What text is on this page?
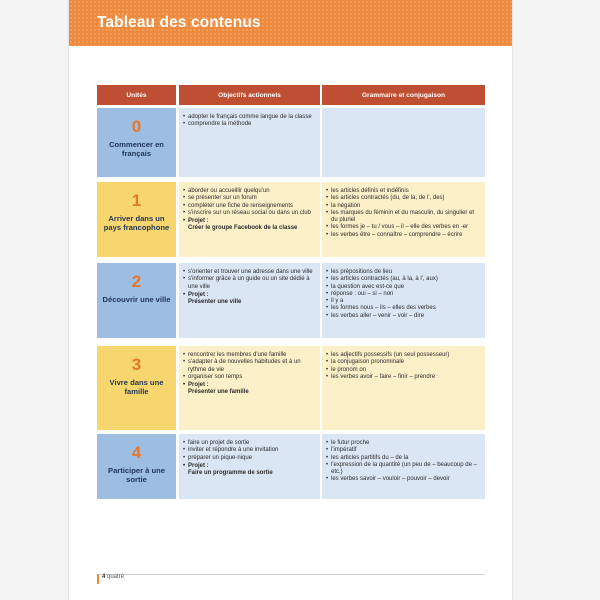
Tableau des contenus
Unités	Objectifs actionnels	Grammaire et conjugaison
0
Commencer en français
• adopter le français comme langue de la classe
• comprendre la méthode
1
Arriver dans un pays francophone
• aborder ou accueillir quelqu'un
• se présenter sur un forum
• compléter une fiche de renseignements
• s'inscrire sur un réseau social ou dans un club
• Projet :
Créer le groupe Facebook de la classe
• les articles définis et indéfinis
• les articles contractés (du, de la, de l', des)
• la négation
• les marques du féminin et du masculin, du singulier et du pluriel
• les formes je – tu / vous – il – elle des verbes en -er
• les verbes être – connaître – comprendre – écrire
2
Découvrir une ville
• s'orienter et trouver une adresse dans une ville
• s'informer grâce à un guide ou un site dédié à une ville
• Projet :
Présenter une ville
• les prépositions de lieu
• les articles contractés (au, à la, à l', aux)
• la question avec est-ce que
• réponse : oui – si – non
• il y a
• les formes nous – ils – elles des verbes
• les verbes aller – venir – voir – dire
3
Vivre dans une famille
• rencontrer les membres d'une famille
• s'adapter à de nouvelles habitudes et à un rythme de vie
• organiser son temps
• Projet :
Présenter une famille
• les adjectifs possessifs (un seul possesseur)
• la conjugaison pronominale
• le pronom on
• les verbes avoir – faire – finir – prendre
4
Participer à une sortie
• faire un projet de sortie
• inviter et répondre à une invitation
• préparer un pique-nique
• Projet :
Faire un programme de sortie
• le futur proche
• l'impératif
• les articles partitifs du – de la
• l'expression de la quantité (un peu de – beaucoup de – etc.)
• les verbes savoir – vouloir – pouvoir – devoir
4 quatre
